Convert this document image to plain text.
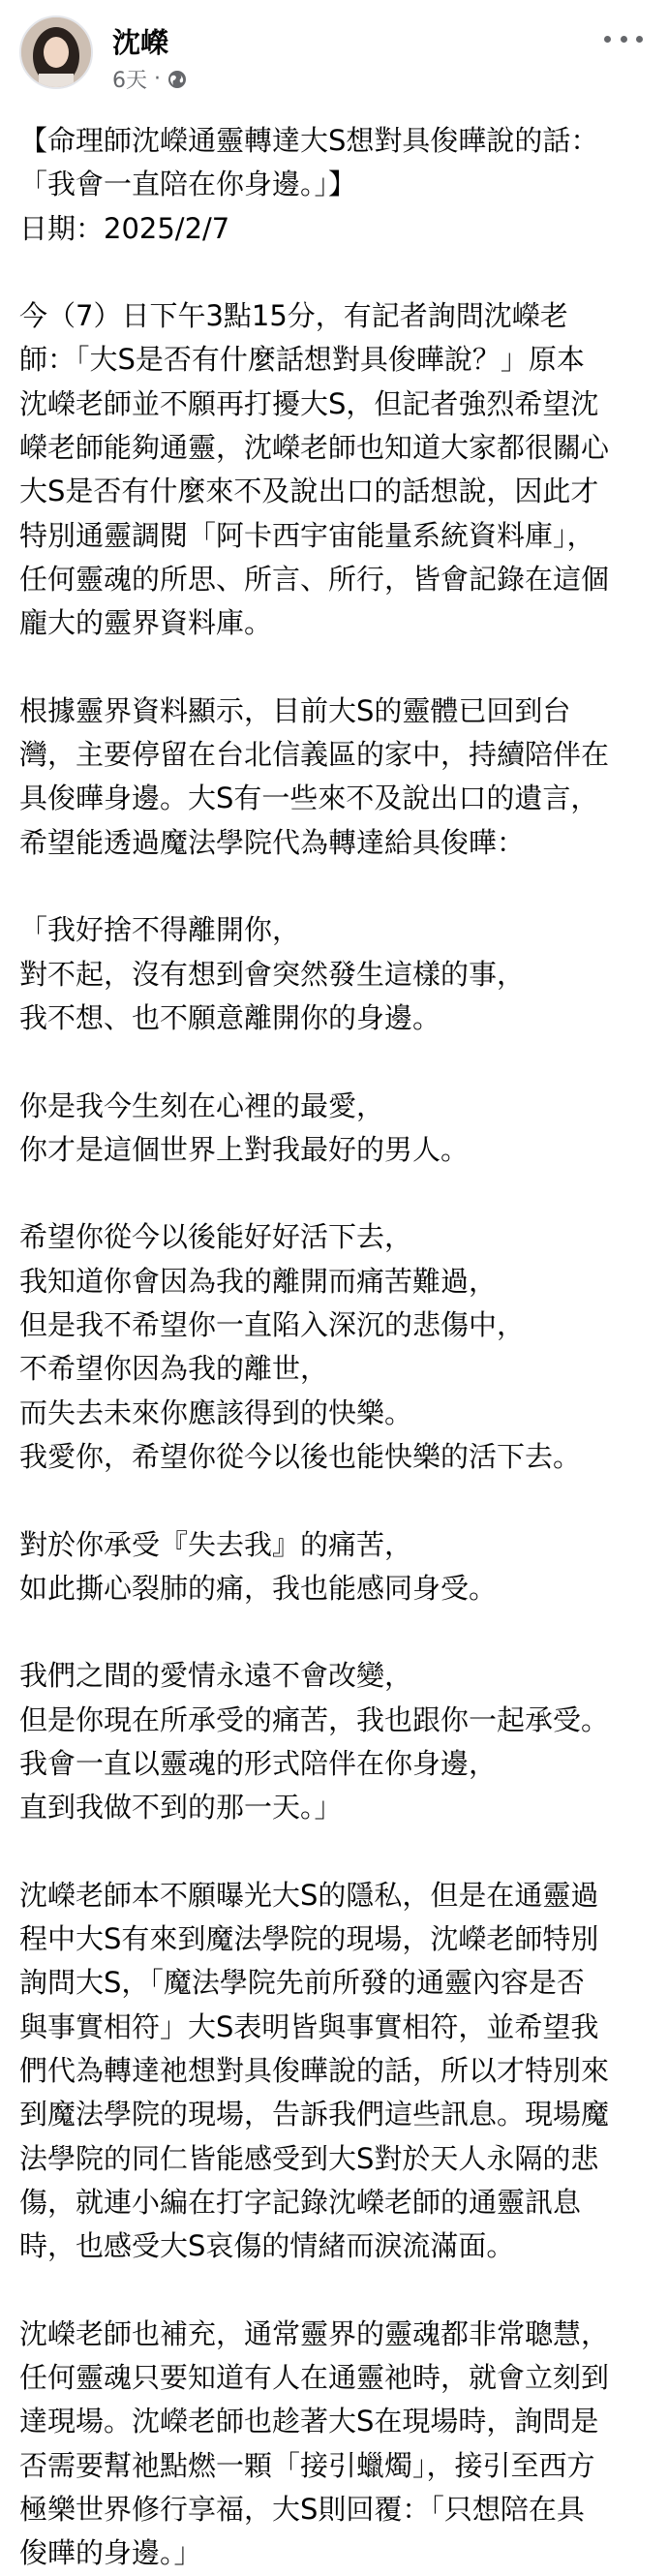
沈嶸
6天 ·

【命理師沈嶸通靈轉達大S想對具俊曄說的話：
「我會一直陪在你身邊。」】
日期：2025/2/7

今（7）日下午3點15分，有記者詢問沈嶸老
師：「大S是否有什麼話想對具俊曄說？」原本
沈嶸老師並不願再打擾大S，但記者強烈希望沈
嶸老師能夠通靈，沈嶸老師也知道大家都很關心
大S是否有什麼來不及說出口的話想說，因此才
特別通靈調閱「阿卡西宇宙能量系統資料庫」，
任何靈魂的所思、所言、所行，皆會記錄在這個
龐大的靈界資料庫。

根據靈界資料顯示，目前大S的靈體已回到台
灣，主要停留在台北信義區的家中，持續陪伴在
具俊曄身邊。大S有一些來不及說出口的遺言，
希望能透過魔法學院代為轉達給具俊曄：

「我好捨不得離開你，
對不起，沒有想到會突然發生這樣的事，
我不想、也不願意離開你的身邊。

你是我今生刻在心裡的最愛，
你才是這個世界上對我最好的男人。

希望你從今以後能好好活下去，
我知道你會因為我的離開而痛苦難過，
但是我不希望你一直陷入深沉的悲傷中，
不希望你因為我的離世，
而失去未來你應該得到的快樂。
我愛你，希望你從今以後也能快樂的活下去。

對於你承受『失去我』的痛苦，
如此撕心裂肺的痛，我也能感同身受。

我們之間的愛情永遠不會改變，
但是你現在所承受的痛苦，我也跟你一起承受。
我會一直以靈魂的形式陪伴在你身邊，
直到我做不到的那一天。」

沈嶸老師本不願曝光大S的隱私，但是在通靈過
程中大S有來到魔法學院的現場，沈嶸老師特別
詢問大S，「魔法學院先前所發的通靈內容是否
與事實相符」大S表明皆與事實相符，並希望我
們代為轉達祂想對具俊曄說的話，所以才特別來
到魔法學院的現場，告訴我們這些訊息。現場魔
法學院的同仁皆能感受到大S對於天人永隔的悲
傷，就連小編在打字記錄沈嶸老師的通靈訊息
時，也感受大S哀傷的情緒而淚流滿面。

沈嶸老師也補充，通常靈界的靈魂都非常聰慧，
任何靈魂只要知道有人在通靈祂時，就會立刻到
達現場。沈嶸老師也趁著大S在現場時，詢問是
否需要幫祂點燃一顆「接引蠟燭」，接引至西方
極樂世界修行享福，大S則回覆：「只想陪在具
俊曄的身邊。」
